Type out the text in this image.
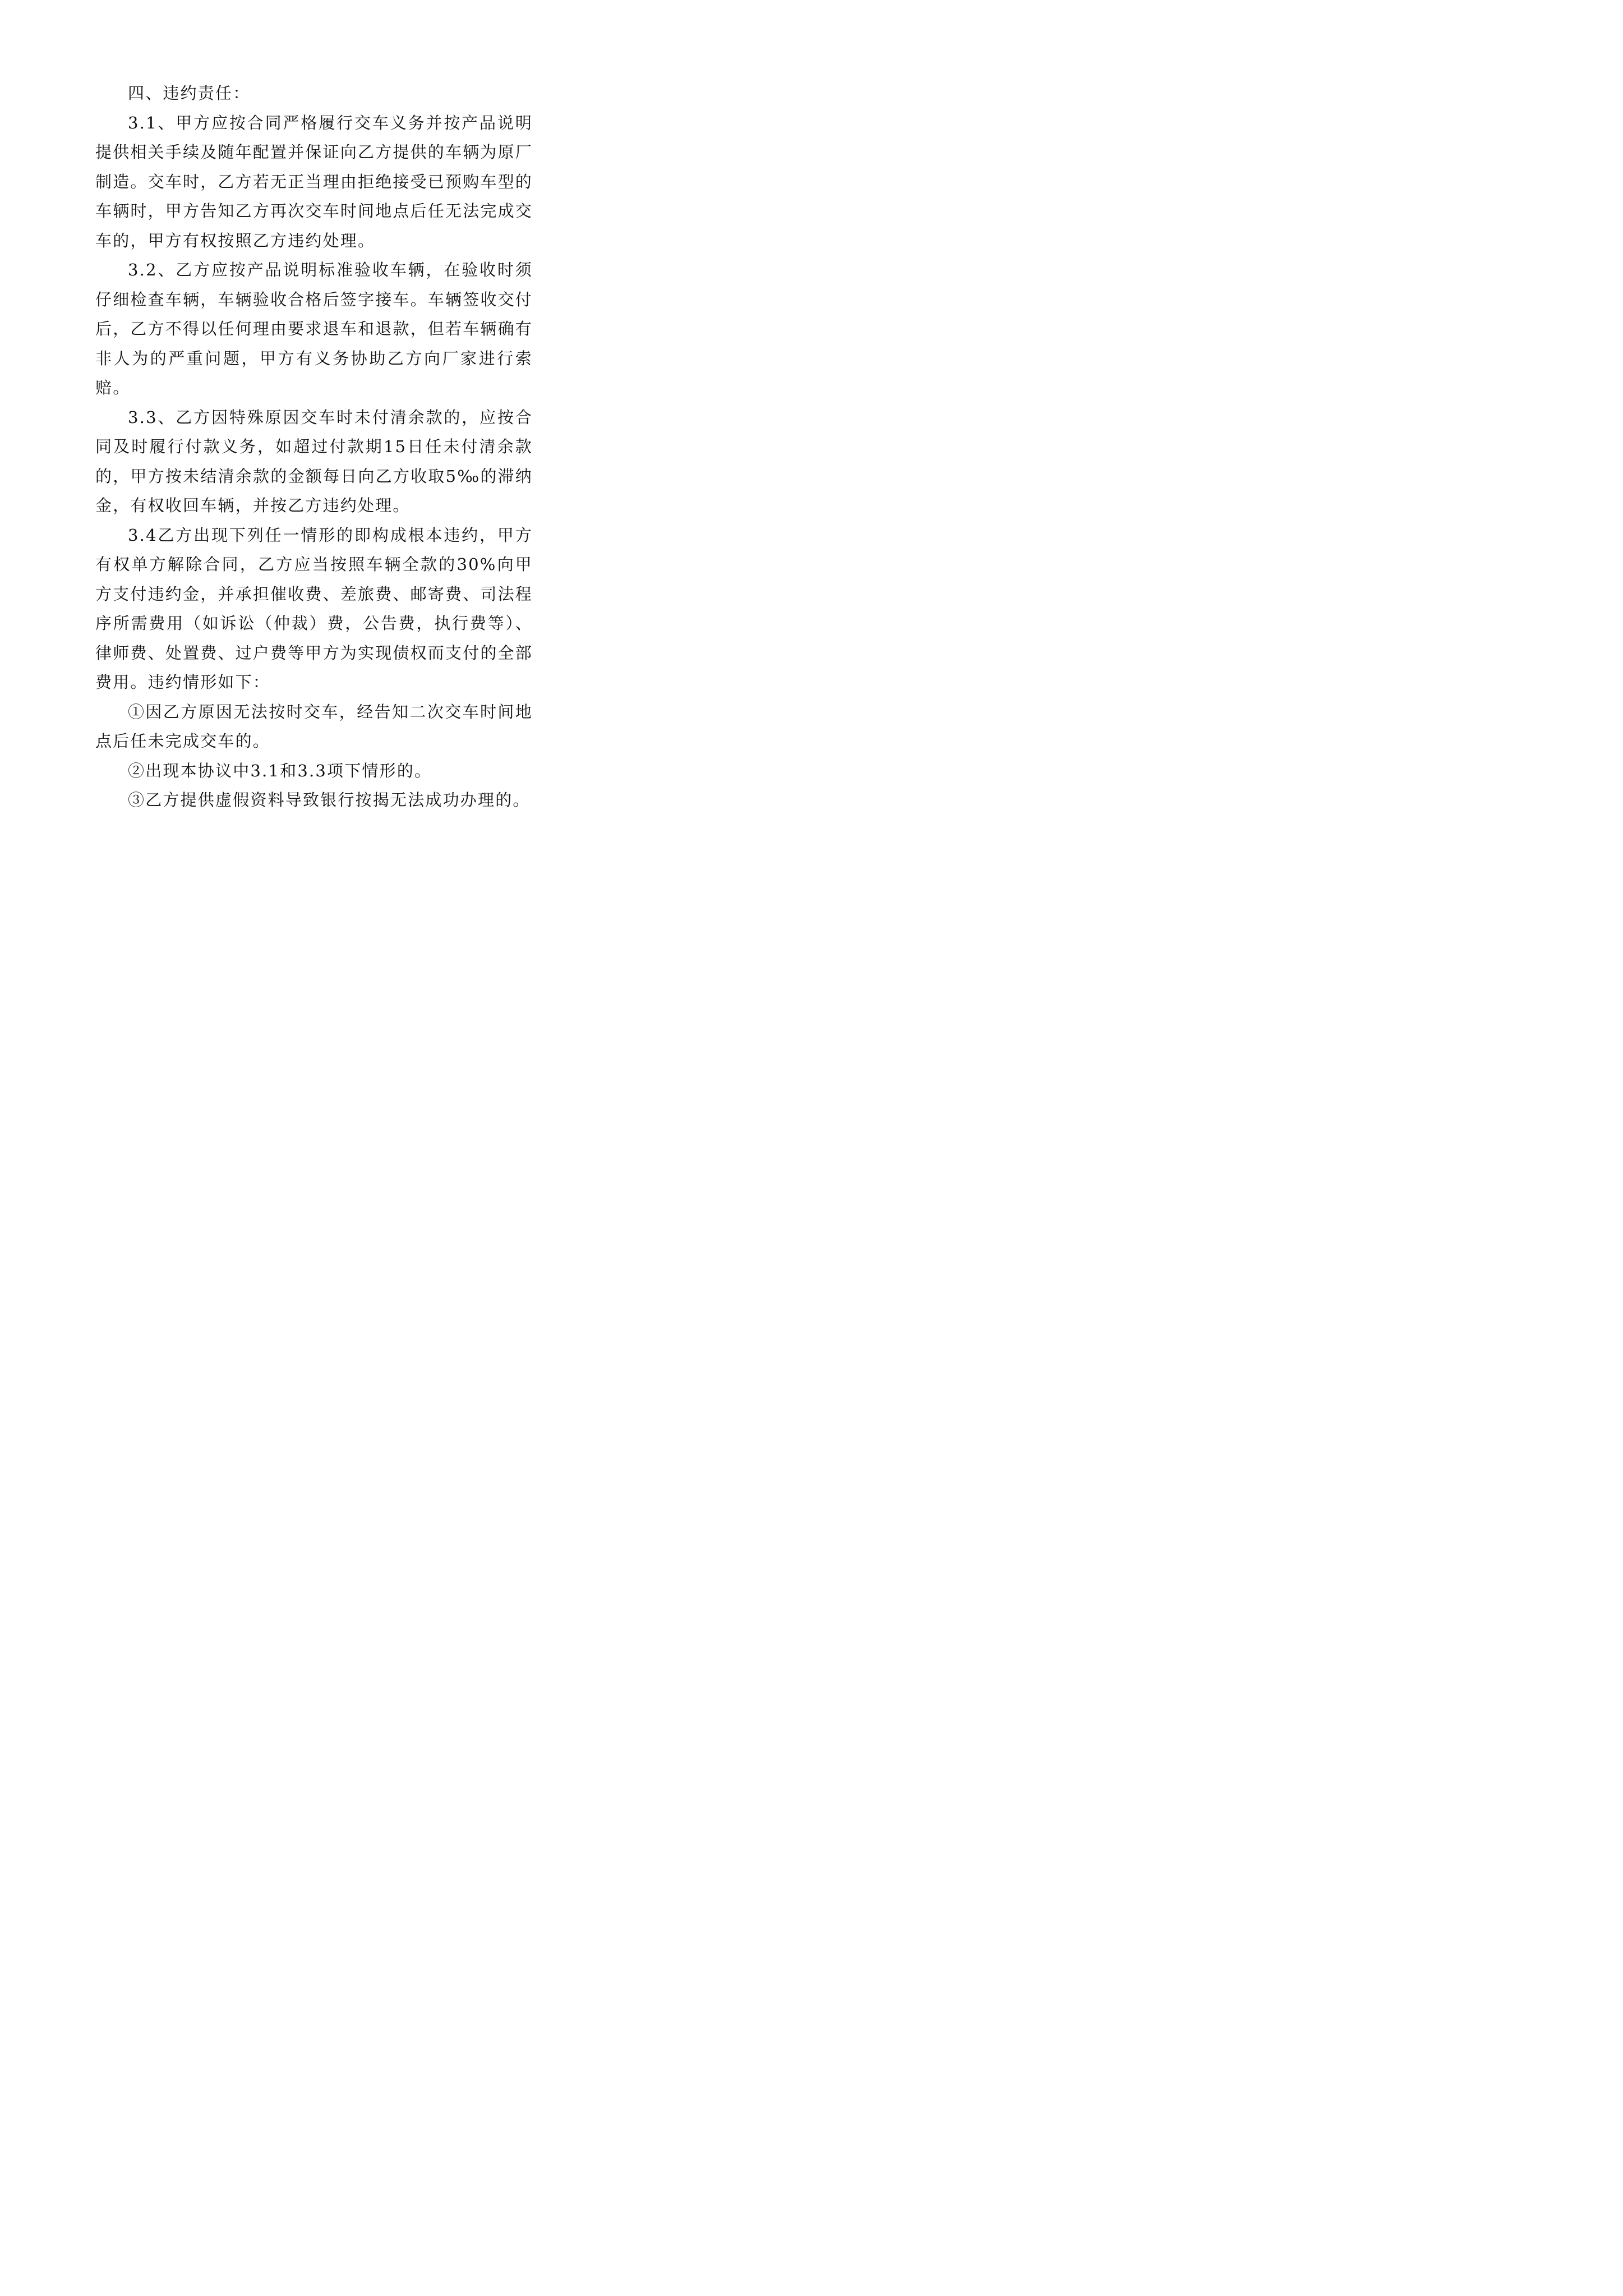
四、违约责任：

3.1、甲方应按合同严格履行交车义务并按产品说明提供相关手续及随年配置并保证向乙方提供的车辆为原厂制造。交车时，乙方若无正当理由拒绝接受已预购车型的车辆时，甲方告知乙方再次交车时间地点后任无法完成交车的，甲方有权按照乙方违约处理。

3.2、乙方应按产品说明标准验收车辆，在验收时须仔细检查车辆，车辆验收合格后签字接车。车辆签收交付后，乙方不得以任何理由要求退车和退款，但若车辆确有非人为的严重问题，甲方有义务协助乙方向厂家进行索赔。

3.3、乙方因特殊原因交车时未付清余款的，应按合同及时履行付款义务，如超过付款期15日任未付清余款的，甲方按未结清余款的金额每日向乙方收取5‰的滞纳金，有权收回车辆，并按乙方违约处理。

3.4乙方出现下列任一情形的即构成根本违约，甲方有权单方解除合同，乙方应当按照车辆全款的30%向甲方支付违约金，并承担催收费、差旅费、邮寄费、司法程序所需费用（如诉讼（仲裁）费，公告费，执行费等）、律师费、处置费、过户费等甲方为实现债权而支付的全部费用。违约情形如下：

①因乙方原因无法按时交车，经告知二次交车时间地点后任未完成交车的。

②出现本协议中3.1和3.3项下情形的。

③乙方提供虚假资料导致银行按揭无法成功办理的。
